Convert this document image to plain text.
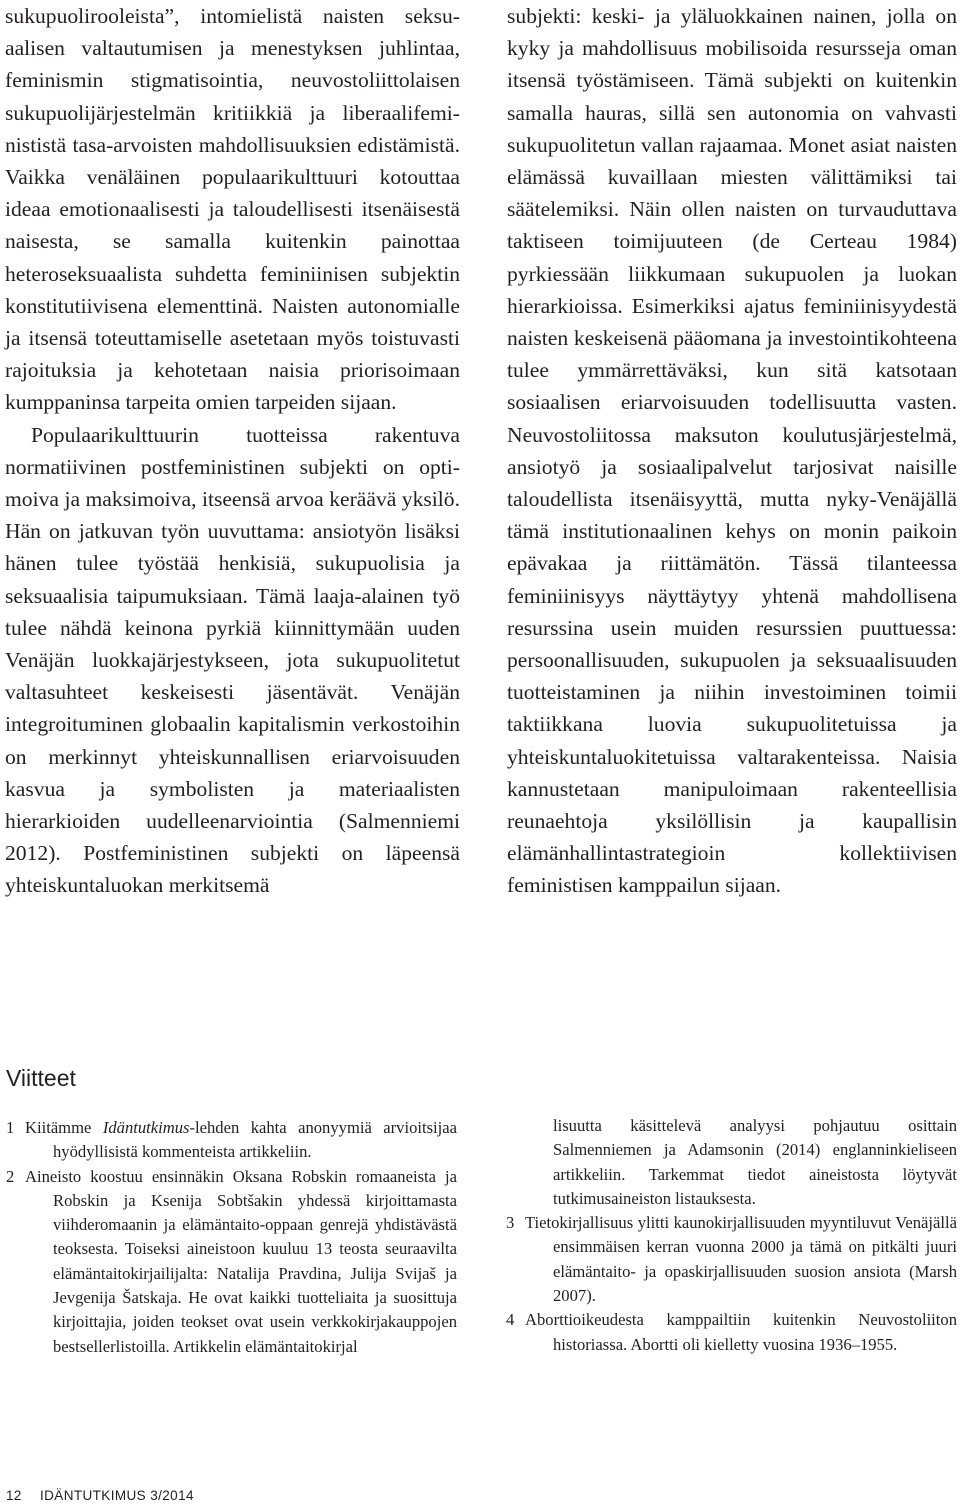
sukupuolirooleista”, intomielistä naisten seksuaalisen valtautumisen ja menestyksen juhlintaa, feminismin stigmatisointia, neuvostoliittolaisen sukupuolijärjestelmän kritiikkiä ja liberaalifeminististä tasa-arvoisten mahdollisuuksien edistämistä. Vaikka venäläinen populaarikulttuuri kotouttaa ideaa emotionaalisesti ja taloudellisesti itsenäisestä naisesta, se samalla kuitenkin painottaa heteroseksuaalista suhdetta feminiinisen subjektin konstitutiivisena elementtinä. Naisten autonomialle ja itsensä toteuttamiselle asetetaan myös toistuvasti rajoituksia ja kehotetaan naisia priorisoimaan kumppaninsa tarpeita omien tarpeiden sijaan.

Populaarikulttuurin tuotteissa rakentuva normatiivinen postfeministinen subjekti on optimoiva ja maksimoiva, itseensä arvoa keräävä yksilö. Hän on jatkuvan työn uuvuttama: ansiotyön lisäksi hänen tulee työstää henkisiä, sukupuolisia ja seksuaalisia taipumuksiaan. Tämä laaja-alainen työ tulee nähdä keinona pyrkiä kiinnittymään uuden Venäjän luokkajärjestykseen, jota sukupuolitetut valtasuhteet keskeisesti jäsentävät. Venäjän integroituminen globaalin kapitalismin verkostoihin on merkinnyt yhteiskunnallisen eriarvoisuuden kasvua ja symbolisten ja materiaalisten hierarkioiden uudelleenarviointia (Salmenniemi 2012). Postfeministinen subjekti on läpeensä yhteiskuntaluokan merkitsemä

subjekti: keski- ja yläluokkainen nainen, jolla on kyky ja mahdollisuus mobilisoida resursseja oman itsensä työstämiseen. Tämä subjekti on kuitenkin samalla hauras, sillä sen autonomia on vahvasti sukupuolitetun vallan rajaamaa. Monet asiat naisten elämässä kuvaillaan miesten välittämiksi tai säätelemiksi. Näin ollen naisten on turvauduttava taktiseen toimijuuteen (de Certeau 1984) pyrkiessään liikkumaan sukupuolen ja luokan hierarkioissa. Esimerkiksi ajatus feminiinisyydestä naisten keskeisenä pääomana ja investointikohteena tulee ymmärrettäväksi, kun sitä katsotaan sosiaalisen eriarvoisuuden todellisuutta vasten. Neuvostoliitossa maksuton koulutusjärjestelmä, ansiotyö ja sosiaalipalvelut tarjosivat naisille taloudellista itsenäisyyttä, mutta nyky-Venäjällä tämä institutionaalinen kehys on monin paikoin epävakaa ja riittämätön. Tässä tilanteessa feminiinisyys näyttäytyy yhtenä mahdollisena resurssina usein muiden resurssien puuttuessa: persoonallisuuden, sukupuolen ja seksuaalisuuden tuotteistaminen ja niihin investoiminen toimii taktiikkana luovia sukupuolitetuissa ja yhteiskuntaluokitetuissa valtarakenteissa. Naisia kannustetaan manipuloimaan rakenteellisia reunaehtoja yksilöllisin ja kaupallisin elämänhallintastrategioin kollektiivisen feministisen kamppailun sijaan.

Viitteet

1 Kiitämme Idäntutkimus-lehden kahta anonyymiä arvioitsijaa hyödyllisistä kommenteista artikkeliin.

2 Aineisto koostuu ensinnäkin Oksana Robskin romaaneista ja Robskin ja Ksenija Sobtšakin yhdessä kirjoittamasta viihderomaanin ja elämäntaito-oppaan genrejä yhdistävästä teoksesta. Toiseksi aineistoon kuuluu 13 teosta seuraavilta elämäntaitokirjailijalta: Natalija Pravdina, Julija Svijaš ja Jevgenija Šatskaja. He ovat kaikki tuotteliaita ja suosittuja kirjoittajia, joiden teokset ovat usein verkkokirjakauppojen bestsellerlistoilla. Artikkelin elämäntaitokirjal

lisuutta käsittelevä analyysi pohjautuu osittain Salmenniemen ja Adamsonin (2014) englanninkieliseen artikkeliin. Tarkemmat tiedot aineistosta löytyvät tutkimusaineiston listauksesta.

3 Tietokirjallisuus ylitti kaunokirjallisuuden myyntiluvut Venäjällä ensimmäisen kerran vuonna 2000 ja tämä on pitkälti juuri elämäntaito- ja opaskirjallisuuden suosion ansiota (Marsh 2007).

4 Aborttioikeudesta kamppailtiin kuitenkin Neuvostoliiton historiassa. Abortti oli kielletty vuosina 1936–1955.

12 IDÄNTUTKIMUS 3/2014
